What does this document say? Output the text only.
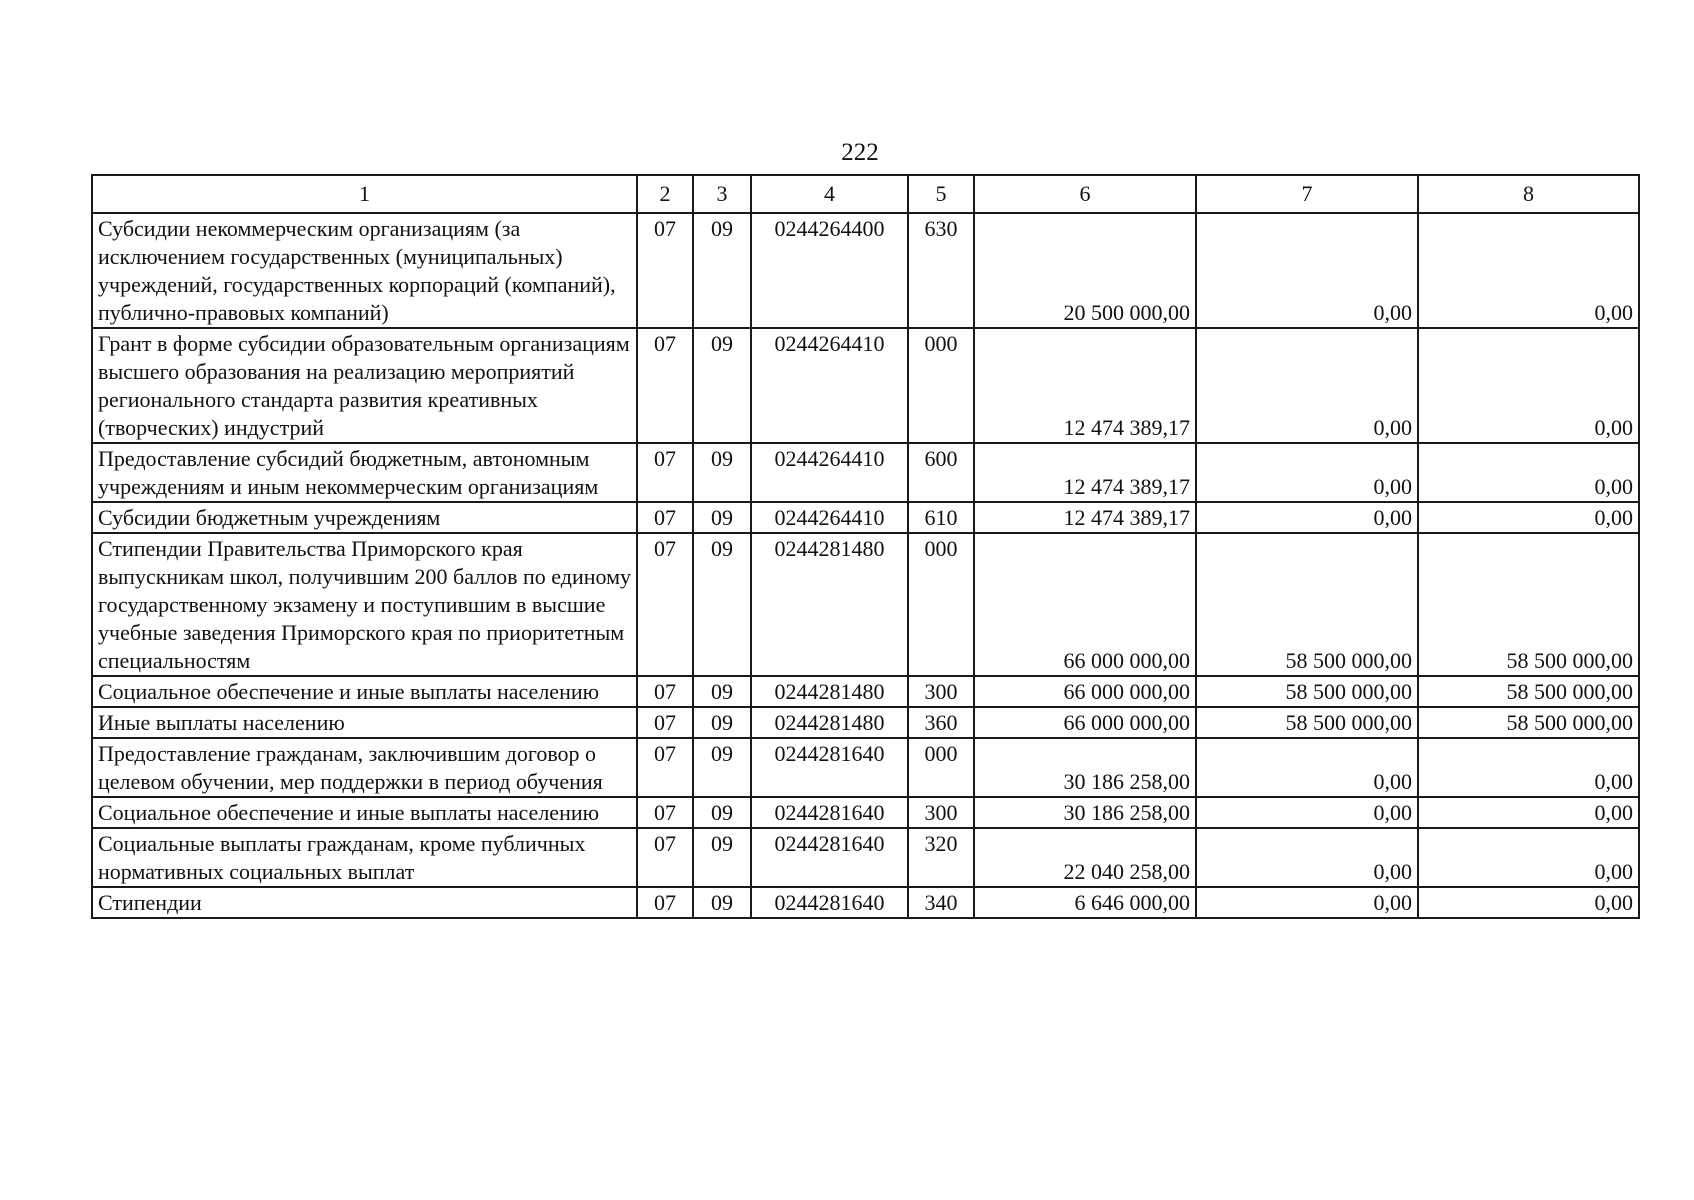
222
1	2	3	4	5	6	7	8
Субсидии некоммерческим организациям (за исключением государственных (муниципальных) учреждений, государственных корпораций (компаний), публично-правовых компаний)	07	09	0244264400	630	20 500 000,00	0,00	0,00
Грант в форме субсидии образовательным организациям высшего образования на реализацию мероприятий регионального стандарта развития креативных (творческих) индустрий	07	09	0244264410	000	12 474 389,17	0,00	0,00
Предоставление субсидий бюджетным, автономным учреждениям и иным некоммерческим организациям	07	09	0244264410	600	12 474 389,17	0,00	0,00
Субсидии бюджетным учреждениям	07	09	0244264410	610	12 474 389,17	0,00	0,00
Стипендии Правительства Приморского края выпускникам школ, получившим 200 баллов по единому государственному экзамену и поступившим в высшие учебные заведения Приморского края по приоритетным специальностям	07	09	0244281480	000	66 000 000,00	58 500 000,00	58 500 000,00
Социальное обеспечение и иные выплаты населению	07	09	0244281480	300	66 000 000,00	58 500 000,00	58 500 000,00
Иные выплаты населению	07	09	0244281480	360	66 000 000,00	58 500 000,00	58 500 000,00
Предоставление гражданам, заключившим договор о целевом обучении, мер поддержки в период обучения	07	09	0244281640	000	30 186 258,00	0,00	0,00
Социальное обеспечение и иные выплаты населению	07	09	0244281640	300	30 186 258,00	0,00	0,00
Социальные выплаты гражданам, кроме публичных нормативных социальных выплат	07	09	0244281640	320	22 040 258,00	0,00	0,00
Стипендии	07	09	0244281640	340	6 646 000,00	0,00	0,00
